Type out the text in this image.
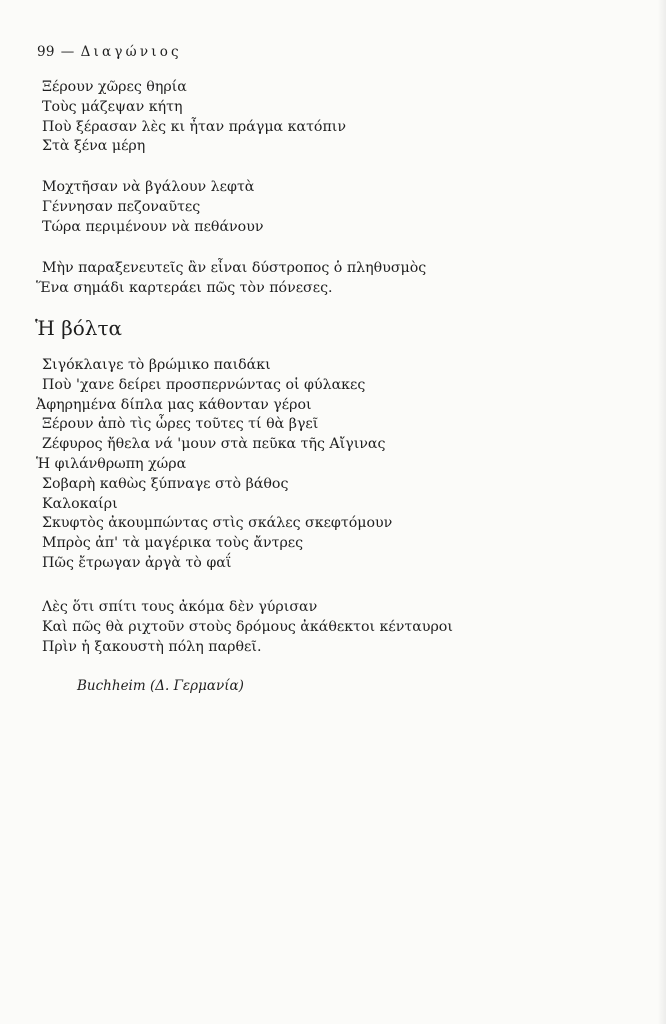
99 — Διαγώνιος
Ξέρουν χῶρες θηρία
Τοὺς μάζεψαν κήτη
Ποὺ ξέρασαν λὲς κι ἦταν πράγμα κατόπιν
Στὰ ξένα μέρη
Μοχτῆσαν νὰ βγάλουν λεφτὰ
Γέννησαν πεζοναῦτες
Τώρα περιμένουν νὰ πεθάνουν
Μὴν παραξενευτεῖς ἂν εἶναι δύστροπος ὁ πληθυσμὸς
Ἕνα σημάδι καρτεράει πῶς τὸν πόνεσες.
Ἡ βόλτα
Σιγόκλαιγε τὸ βρώμικο παιδάκι
Ποὺ 'χανε δείρει προσπερνώντας οἱ φύλακες
Ἀφηρημένα δίπλα μας κάθονταν γέροι
Ξέρουν ἀπὸ τὶς ὧρες τοῦτες τί θὰ βγεῖ
Ζέφυρος ἤθελα νά 'μουν στὰ πεῦκα τῆς Αἴγινας
Ἡ φιλάνθρωπη χώρα
Σοβαρὴ καθὼς ξύπναγε στὸ βάθος
Καλοκαίρι
Σκυφτὸς ἀκουμπώντας στὶς σκάλες σκεφτόμουν
Μπρὸς ἀπ' τὰ μαγέρικα τοὺς ἄντρες
Πῶς ἔτρωγαν ἀργὰ τὸ φαΐ
Λὲς ὅτι σπίτι τους ἀκόμα δὲν γύρισαν
Καὶ πῶς θὰ ριχτοῦν στοὺς δρόμους ἀκάθεκτοι κένταυροι
Πρὶν ἡ ξακουστὴ πόλη παρθεῖ.
Buchheim (Δ. Γερμανία)
